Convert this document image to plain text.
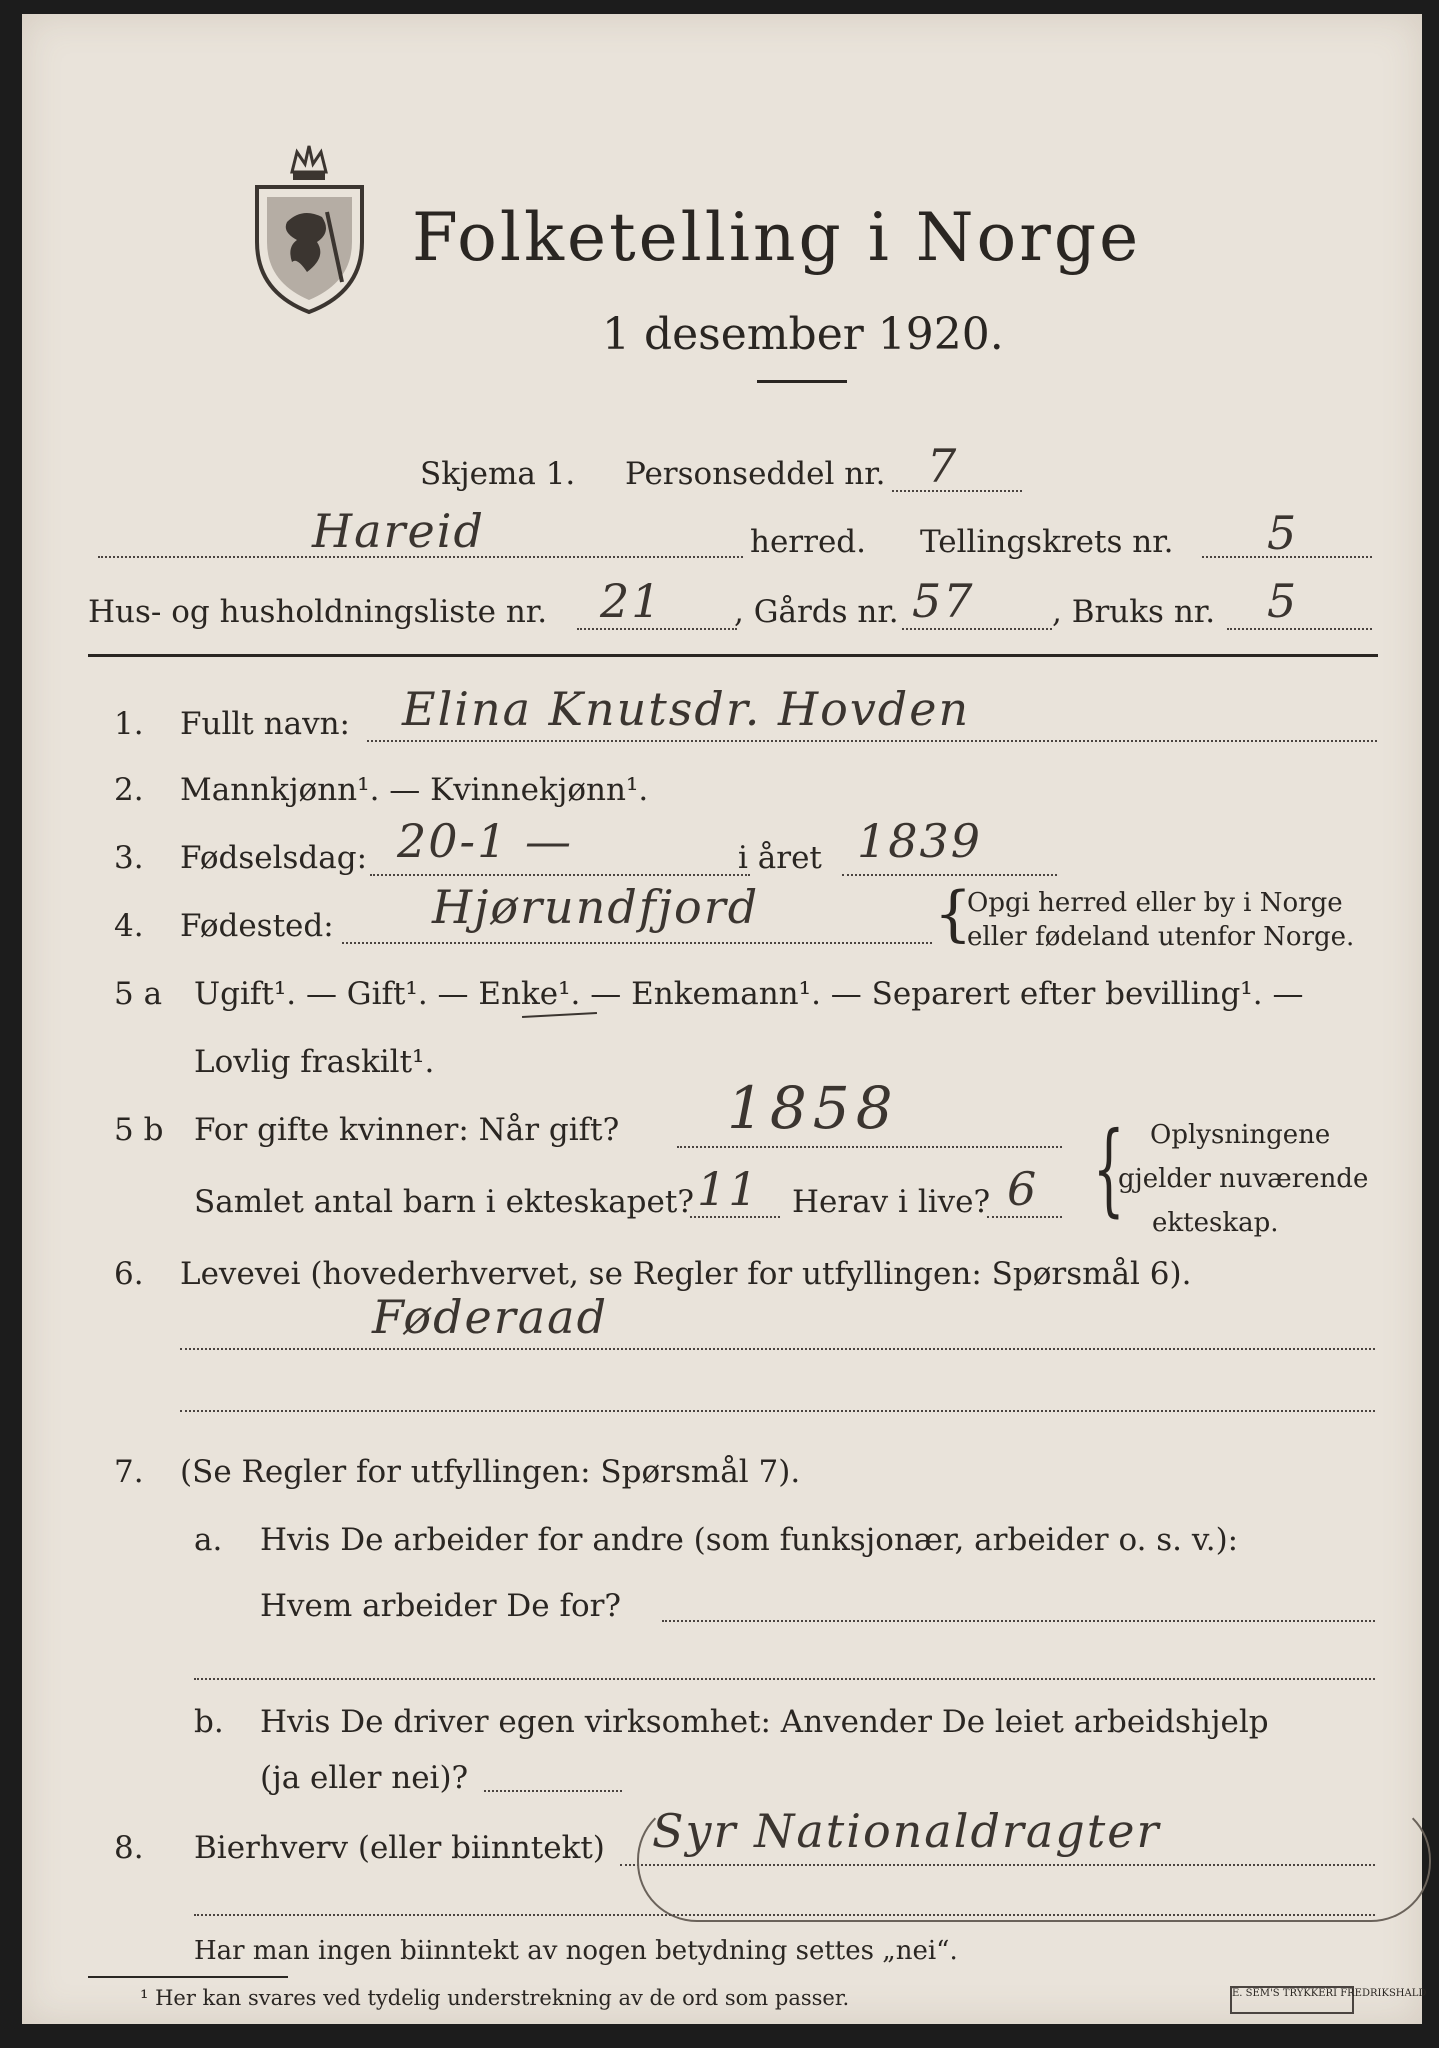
Folketelling i Norge
1 desember 1920.
Skjema 1. Personseddel nr. 7
Hareid	herred. Tellingskrets nr. 5
Hus- og husholdningsliste nr. 21 , Gårds nr. 57 , Bruks nr. 5
1. Fullt navn: Elina Knutsdr. Hovden
2. Mannkjønn¹. — Kvinnekjønn¹.
3. Fødselsdag: 20-1 —	i året 1839
4. Fødested: Hjørundfjord	{
Opgi herred eller by i Norge
eller fødeland utenfor Norge.
5 a Ugift¹. — Gift¹. — Enke¹. — Enkemann¹. — Separert efter bevilling¹. —
Lovlig fraskilt¹.
5 b For gifte kvinner: Når gift? 1858
Samlet antal barn i ekteskapet? 11 Herav i live? 6 { Oplysningene
gjelder nuværende
ekteskap.
6. Levevei (hovederhvervet, se Regler for utfyllingen: Spørsmål 6).
Føderaad
7. (Se Regler for utfyllingen: Spørsmål 7).
a. Hvis De arbeider for andre (som funksjonær, arbeider o. s. v.):
Hvem arbeider De for?
b. Hvis De driver egen virksomhet: Anvender De leiet arbeidshjelp
(ja eller nei)?
8. Bierhverv (eller biinntekt) Syr Nationaldragter
Har man ingen biinntekt av nogen betydning settes „nei“.
¹ Her kan svares ved tydelig understrekning av de ord som passer.	E. SEM'S TRYKKERI FREDRIKSHALD
